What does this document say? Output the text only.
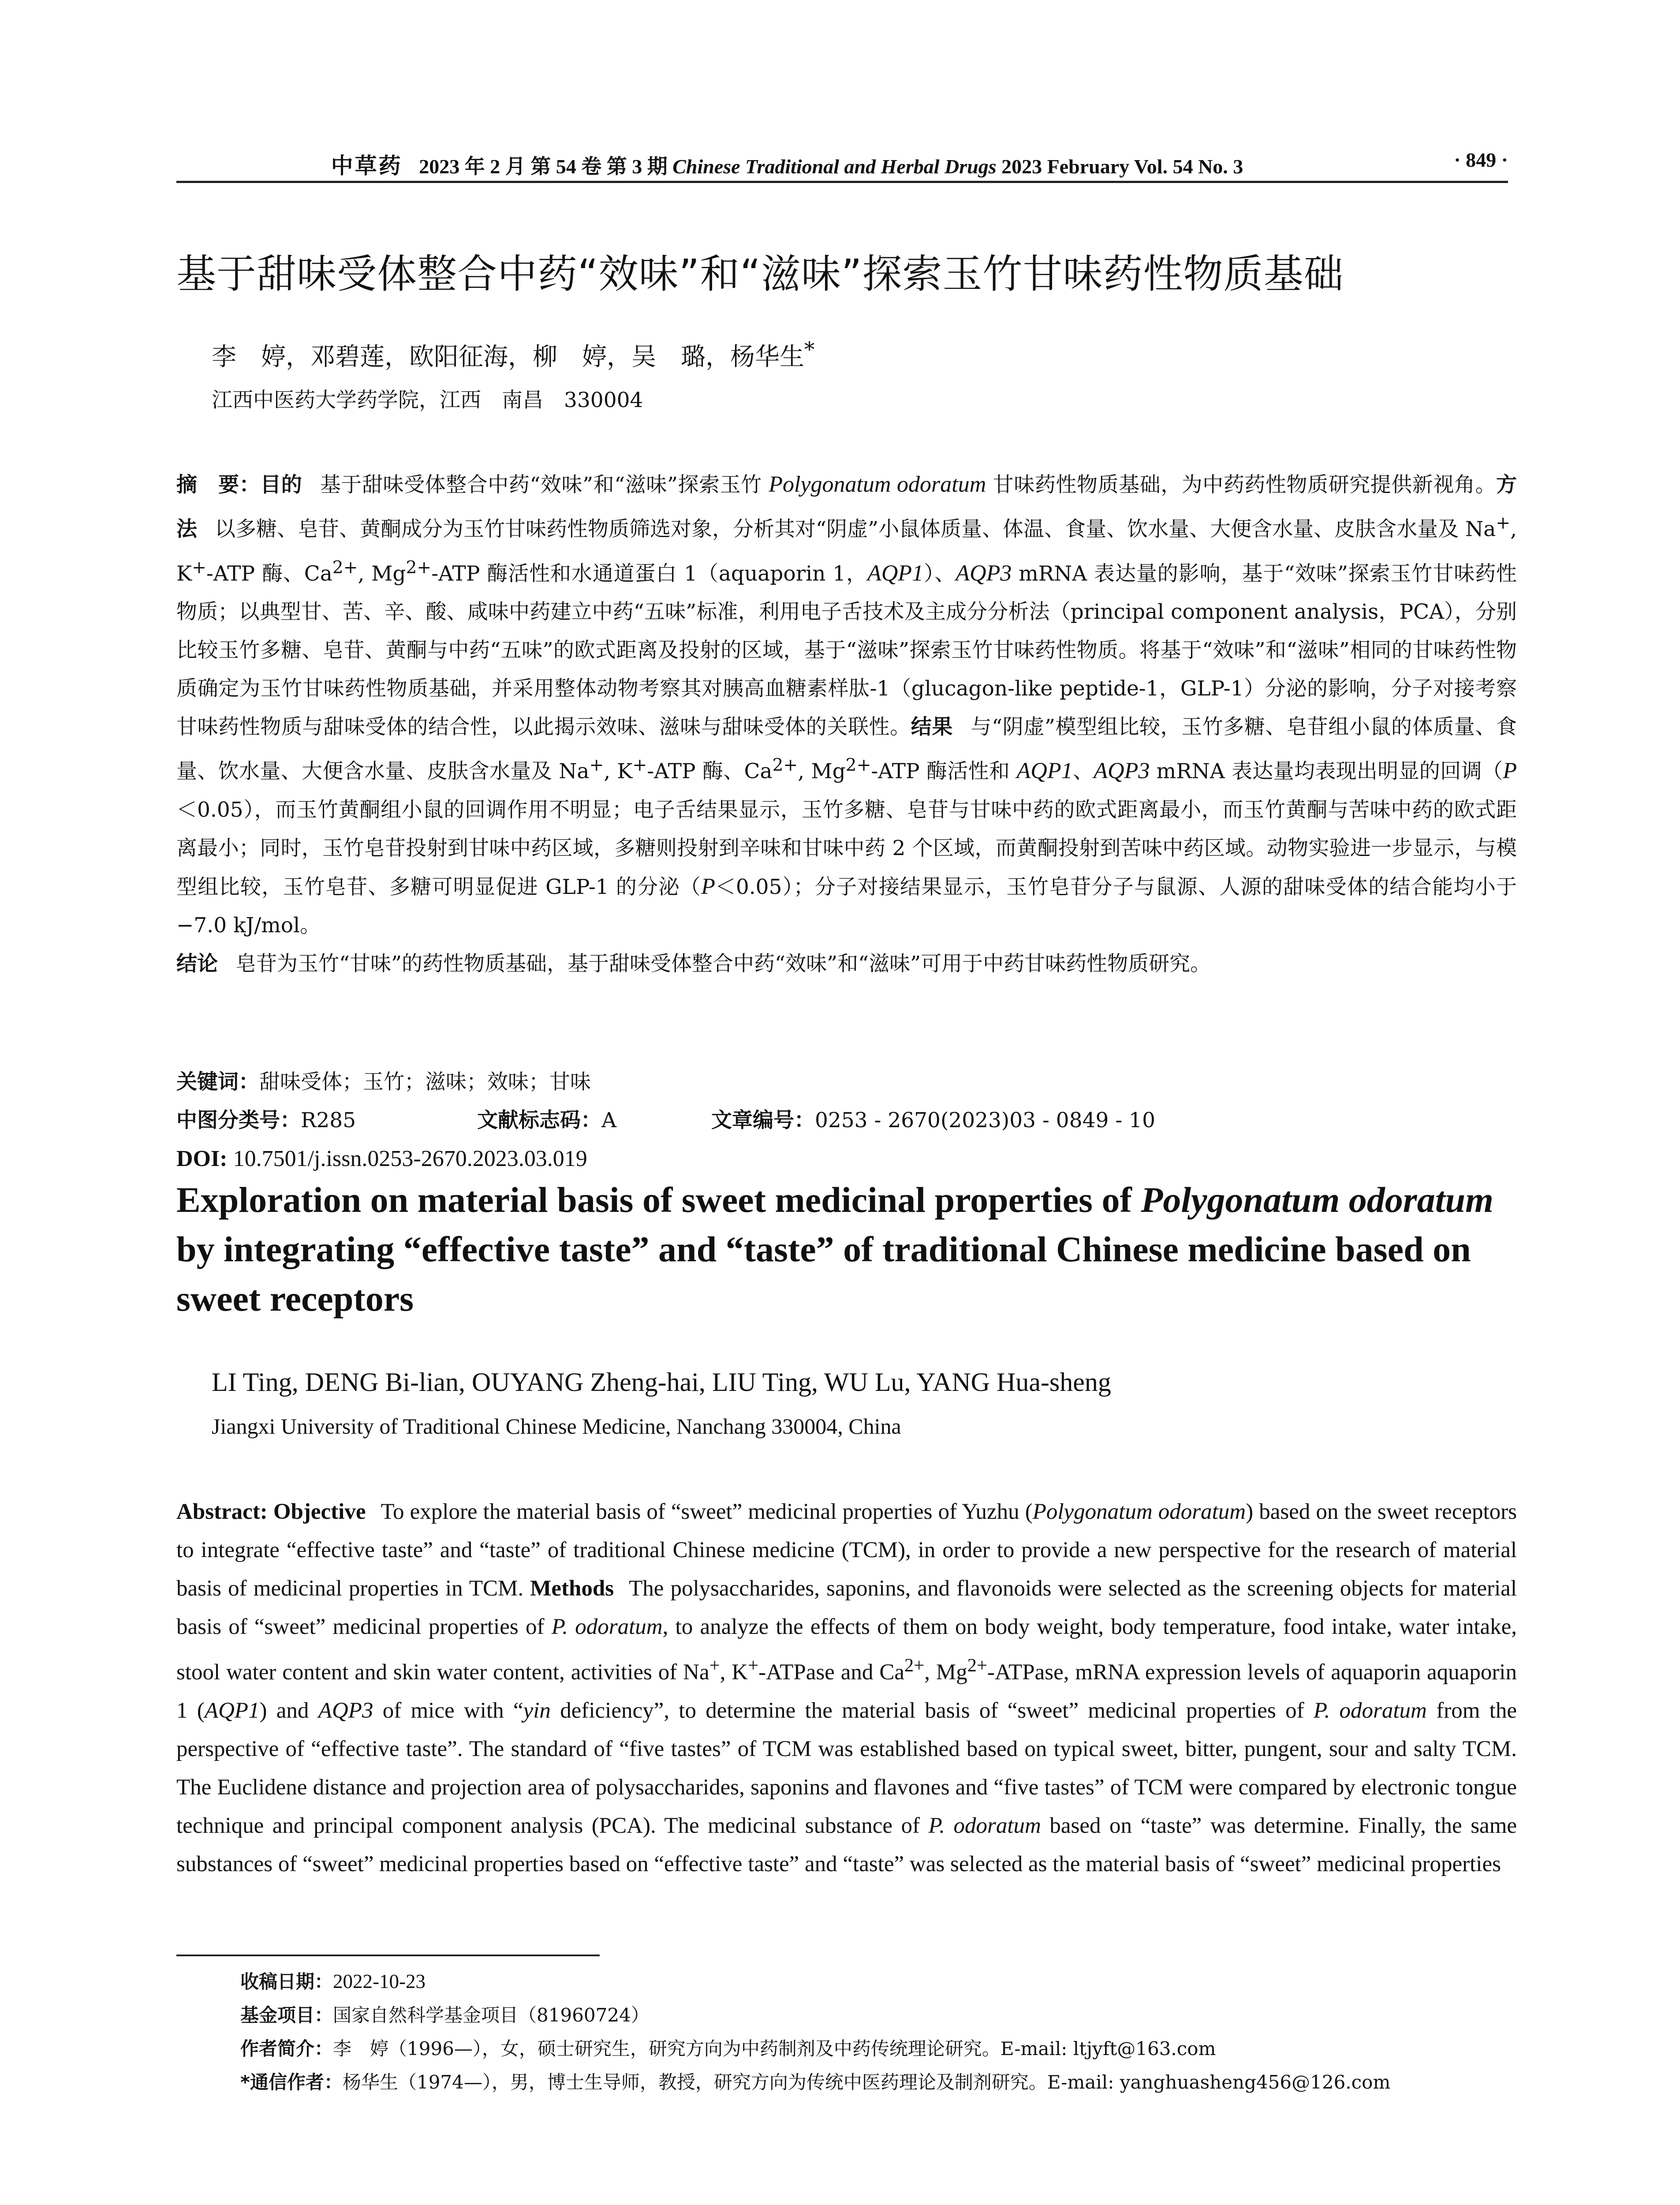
中草药 2023 年 2 月 第 54 卷 第 3 期 Chinese Traditional and Herbal Drugs 2023 February Vol. 54 No. 3	· 849 ·
基于甜味受体整合中药“效味”和“滋味”探索玉竹甘味药性物质基础
李　婷，邓碧莲，欧阳征海，柳　婷，吴　璐，杨华生*
江西中医药大学药学院，江西　南昌　330004
摘　要：目的 基于甜味受体整合中药“效味”和“滋味”探索玉竹 Polygonatum odoratum 甘味药性物质基础，为中药药性物质研究提供新视角。方法 以多糖、皂苷、黄酮成分为玉竹甘味药性物质筛选对象，分析其对“阴虚”小鼠体质量、体温、食量、饮水量、大便含水量、皮肤含水量及 Na+, K+-ATP 酶、$Ca^{2+}$, $Mg^{2+}$-ATP 酶活性和水通道蛋白 1（aquaporin 1，AQP1）、AQP3 mRNA 表达量的影响，基于“效味”探索玉竹甘味药性物质；以典型甘、苦、辛、酸、咸味中药建立中药“五味”标准，利用电子舌技术及主成分分析法（principal component analysis，PCA），分别比较玉竹多糖、皂苷、黄酮与中药“五味”的欧式距离及投射的区域，基于“滋味”探索玉竹甘味药性物质。将基于“效味”和“滋味”相同的甘味药性物质确定为玉竹甘味药性物质基础，并采用整体动物考察其对胰高血糖素样肽-1（glucagon-like peptide-1，GLP-1）分泌的影响，分子对接考察甘味药性物质与甜味受体的结合性，以此揭示效味、滋味与甜味受体的关联性。结果 与“阴虚”模型组比较，玉竹多糖、皂苷组小鼠的体质量、食量、饮水量、大便含水量、皮肤含水量及 Na+, K+-ATP 酶、$Ca^{2+}$, $Mg^{2+}$-ATP 酶活性和 AQP1、AQP3 mRNA 表达量均表现出明显的回调（P＜0.05），而玉竹黄酮组小鼠的回调作用不明显；电子舌结果显示，玉竹多糖、皂苷与甘味中药的欧式距离最小，而玉竹黄酮与苦味中药的欧式距离最小；同时，玉竹皂苷投射到甘味中药区域，多糖则投射到辛味和甘味中药 2 个区域，而黄酮投射到苦味中药区域。动物实验进一步显示，与模型组比较，玉竹皂苷、多糖可明显促进 GLP-1 的分泌（P＜0.05）；分子对接结果显示，玉竹皂苷分子与鼠源、人源的甜味受体的结合能均小于−7.0 kJ/mol。
结论 皂苷为玉竹“甘味”的药性物质基础，基于甜味受体整合中药“效味”和“滋味”可用于中药甘味药性物质研究。
关键词：甜味受体；玉竹；滋味；效味；甘味
中图分类号：R285	文献标志码：A	文章编号：0253 - 2670(2023)03 - 0849 - 10
DOI: 10.7501/j.issn.0253-2670.2023.03.019
Exploration on material basis of sweet medicinal properties of Polygonatum odoratum by integrating “effective taste” and “taste” of traditional Chinese medicine based on sweet receptors
LI Ting, DENG Bi-lian, OUYANG Zheng-hai, LIU Ting, WU Lu, YANG Hua-sheng
Jiangxi University of Traditional Chinese Medicine, Nanchang 330004, China
Abstract: Objective To explore the material basis of “sweet” medicinal properties of Yuzhu (Polygonatum odoratum) based on the sweet receptors to integrate “effective taste” and “taste” of traditional Chinese medicine (TCM), in order to provide a new perspective for the research of material basis of medicinal properties in TCM. Methods The polysaccharides, saponins, and flavonoids were selected as the screening objects for material basis of “sweet” medicinal properties of P. odoratum, to analyze the effects of them on body weight, body temperature, food intake, water intake, stool water content and skin water content, activities of Na+, K+-ATPase and $Ca^{2+}$, $Mg^{2+}$-ATPase, mRNA expression levels of aquaporin aquaporin 1 (AQP1) and AQP3 of mice with “yin deficiency”, to determine the material basis of “sweet” medicinal properties of P. odoratum from the perspective of “effective taste”. The standard of “five tastes” of TCM was established based on typical sweet, bitter, pungent, sour and salty TCM. The Euclidene distance and projection area of polysaccharides, saponins and flavones and “five tastes” of TCM were compared by electronic tongue technique and principal component analysis (PCA). The medicinal substance of P. odoratum based on “taste” was determine. Finally, the same substances of “sweet” medicinal properties based on “effective taste” and “taste” was selected as the material basis of “sweet” medicinal properties
收稿日期：2022-10-23
基金项目：国家自然科学基金项目（81960724）
作者简介：李　婷（1996—），女，硕士研究生，研究方向为中药制剂及中药传统理论研究。E-mail: ltjyft@163.com
*通信作者：杨华生（1974—），男，博士生导师，教授，研究方向为传统中医药理论及制剂研究。E-mail: yanghuasheng456@126.com
